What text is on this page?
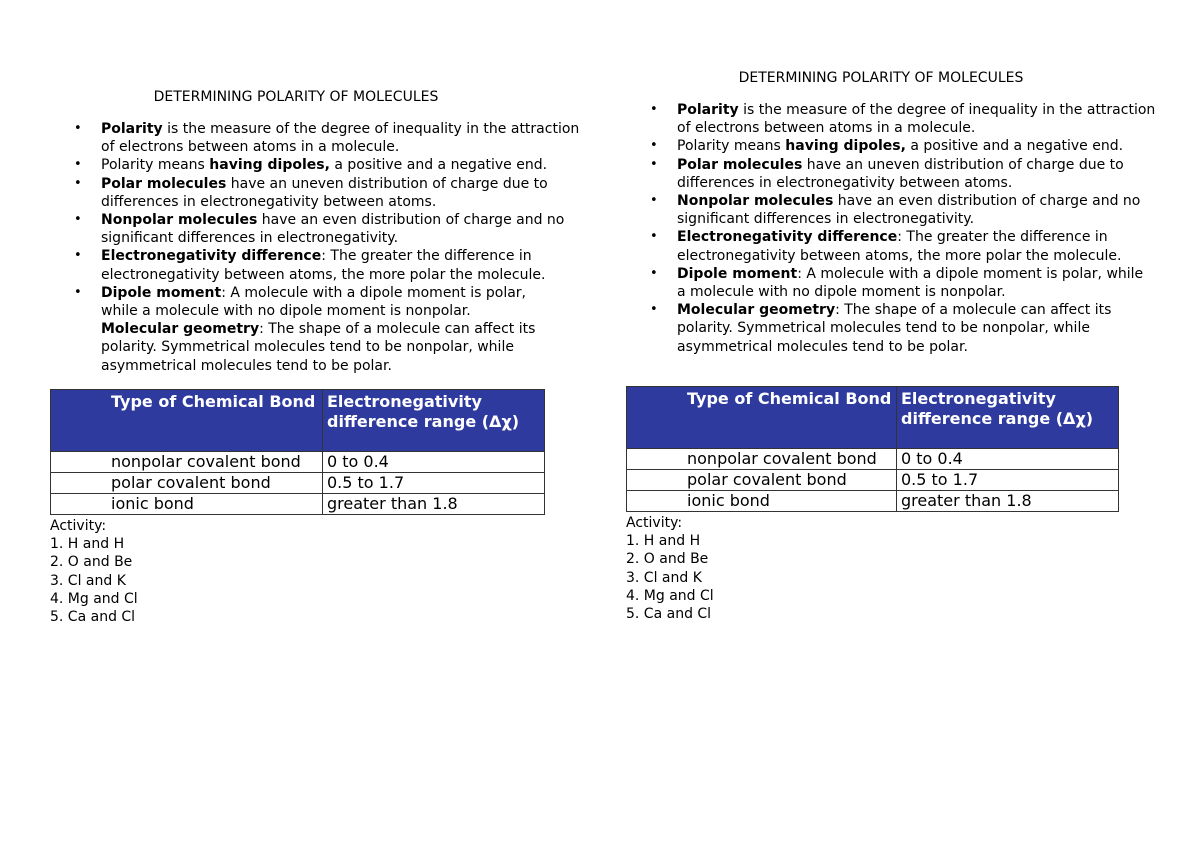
DETERMINING POLARITY OF MOLECULES
• Polarity is the measure of the degree of inequality in the attraction of electrons between atoms in a molecule.
• Polarity means having dipoles, a positive and a negative end.
• Polar molecules have an uneven distribution of charge due to differences in electronegativity between atoms.
• Nonpolar molecules have an even distribution of charge and no significant differences in electronegativity.
• Electronegativity difference: The greater the difference in electronegativity between atoms, the more polar the molecule.
• Dipole moment: A molecule with a dipole moment is polar,
while a molecule with no dipole moment is nonpolar.
Molecular geometry: The shape of a molecule can affect its polarity. Symmetrical molecules tend to be nonpolar, while asymmetrical molecules tend to be polar.
Type of Chemical Bond	Electronegativity difference range (Δχ)
nonpolar covalent bond	0 to 0.4
polar covalent bond	0.5 to 1.7
ionic bond	greater than 1.8
Activity:
1. H and H
2. O and Be
3. Cl and K
4. Mg and Cl
5. Ca and Cl
DETERMINING POLARITY OF MOLECULES
• Polarity is the measure of the degree of inequality in the attraction of electrons between atoms in a molecule.
• Polarity means having dipoles, a positive and a negative end.
• Polar molecules have an uneven distribution of charge due to differences in electronegativity between atoms.
• Nonpolar molecules have an even distribution of charge and no significant differences in electronegativity.
• Electronegativity difference: The greater the difference in electronegativity between atoms, the more polar the molecule.
• Dipole moment: A molecule with a dipole moment is polar, while a molecule with no dipole moment is nonpolar.
• Molecular geometry: The shape of a molecule can affect its polarity. Symmetrical molecules tend to be nonpolar, while asymmetrical molecules tend to be polar.
Type of Chemical Bond	Electronegativity difference range (Δχ)
nonpolar covalent bond	0 to 0.4
polar covalent bond	0.5 to 1.7
ionic bond	greater than 1.8
Activity:
1. H and H
2. O and Be
3. Cl and K
4. Mg and Cl
5. Ca and Cl
